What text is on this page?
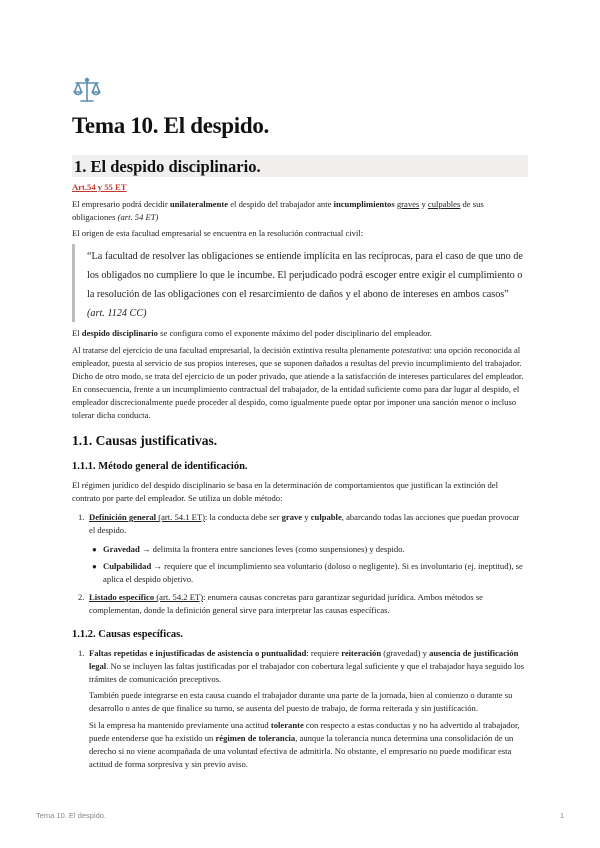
Tema 10. El despido.
1. El despido disciplinario.
Art.54 y 55 ET

El empresario podrá decidir unilateralmente el despido del trabajador ante incumplimientos graves y culpables de sus obligaciones (art. 54 ET)

El origen de esta facultad empresarial se encuentra en la resolución contractual civil:

“La facultad de resolver las obligaciones se entiende implícita en las recíprocas, para el caso de que uno de los obligados no cumpliere lo que le incumbe. El perjudicado podrá escoger entre exigir el cumplimiento o la resolución de las obligaciones con el resarcimiento de daños y el abono de intereses en ambos casos” (art. 1124 CC)

El despido disciplinario se configura como el exponente máximo del poder disciplinario del empleador.

Al tratarse del ejercicio de una facultad empresarial, la decisión extintiva resulta plenamente potestativa: una opción reconocida al empleador, puesta al servicio de sus propios intereses, que se suponen dañados a resultas del previo incumplimiento del trabajador. Dicho de otro modo, se trata del ejercicio de un poder privado, que atiende a la satisfacción de intereses particulares del empleador. En consecuencia, frente a un incumplimiento contractual del trabajador, de la entidad suficiente como para dar lugar al despido, el empleador discrecionalmente puede proceder al despido, como igualmente puede optar por imponer una sanción menor o incluso tolerar dicha conducta.

1.1. Causas justificativas.
1.1.1. Método general de identificación.

El régimen jurídico del despido disciplinario se basa en la determinación de comportamientos que justifican la extinción del contrato por parte del empleador. Se utiliza un doble método:

1. Definición general (art. 54.1 ET): la conducta debe ser grave y culpable, abarcando todas las acciones que puedan provocar el despido.
● Gravedad → delimita la frontera entre sanciones leves (como suspensiones) y despido.
● Culpabilidad → requiere que el incumplimiento sea voluntario (doloso o negligente). Si es involuntario (ej. ineptitud), se aplica el despido objetivo.
2. Listado específico (art. 54.2 ET): enumera causas concretas para garantizar seguridad jurídica. Ambos métodos se complementan, donde la definición general sirve para interpretar las causas específicas.
1.1.2. Causas específicas.
1. Faltas repetidas e injustificadas de asistencia o puntualidad: requiere reiteración (gravedad) y ausencia de justificación legal. No se incluyen las faltas justificadas por el trabajador con cobertura legal suficiente y que el trabajador haya seguido los trámites de comunicación preceptivos.

También puede integrarse en esta causa cuando el trabajador durante una parte de la jornada, bien al comienzo o durante su desarrollo o antes de que finalice su turno, se ausenta del puesto de trabajo, de forma reiterada y sin justificación.

Si la empresa ha mantenido previamente una actitud tolerante con respecto a estas conductas y no ha advertido al trabajador, puede entenderse que ha existido un régimen de tolerancia, aunque la tolerancia nunca determina una consolidación de un derecho si no viene acompañada de una voluntad efectiva de admitirla. No obstante, el empresario no puede modificar esta actitud de forma sorpresiva y sin previo aviso.

Tema 10. El despido.	1
